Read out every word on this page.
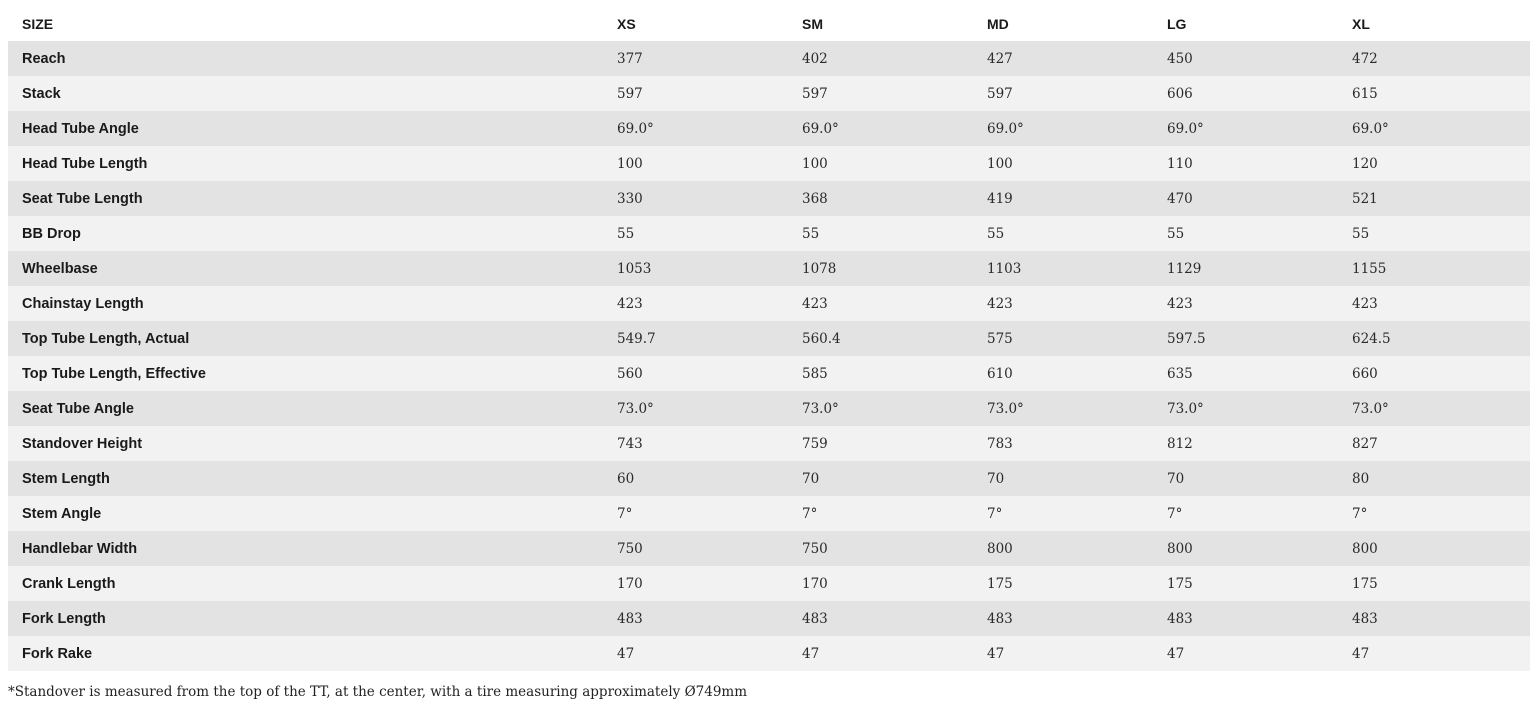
SIZE	XS	SM	MD	LG	XL
Reach	377	402	427	450	472
Stack	597	597	597	606	615
Head Tube Angle	69.0°	69.0°	69.0°	69.0°	69.0°
Head Tube Length	100	100	100	110	120
Seat Tube Length	330	368	419	470	521
BB Drop	55	55	55	55	55
Wheelbase	1053	1078	1103	1129	1155
Chainstay Length	423	423	423	423	423
Top Tube Length, Actual	549.7	560.4	575	597.5	624.5
Top Tube Length, Effective	560	585	610	635	660
Seat Tube Angle	73.0°	73.0°	73.0°	73.0°	73.0°
Standover Height	743	759	783	812	827
Stem Length	60	70	70	70	80
Stem Angle	7°	7°	7°	7°	7°
Handlebar Width	750	750	800	800	800
Crank Length	170	170	175	175	175
Fork Length	483	483	483	483	483
Fork Rake	47	47	47	47	47
*Standover is measured from the top of the TT, at the center, with a tire measuring approximately Ø749mm
